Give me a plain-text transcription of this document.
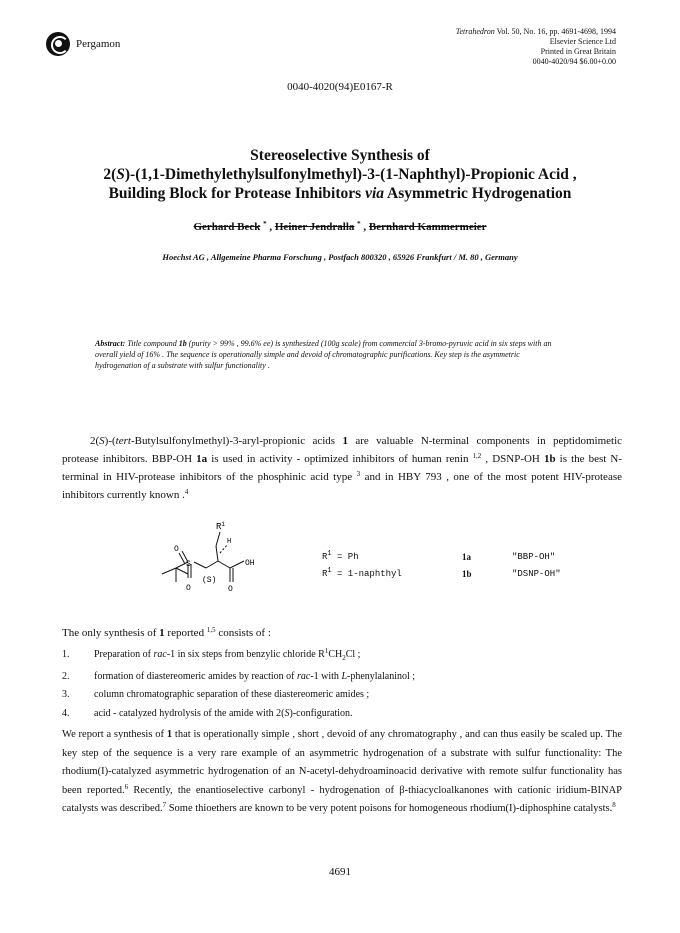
Pergamon
Tetrahedron Vol. 50, No. 16, pp. 4691-4698, 1994
Elsevier Science Ltd
Printed in Great Britain
0040-4020/94 $6.00+0.00
0040-4020(94)E0167-R
Stereoselective Synthesis of
2(S)-(1,1-Dimethylethylsulfonylmethyl)-3-(1-Naphthyl)-Propionic Acid ,
Building Block for Protease Inhibitors via Asymmetric Hydrogenation
Gerhard Beck * , Heiner Jendralla * , Bernhard Kammermeier
Hoechst AG , Allgemeine Pharma Forschung , Postfach 800320 , 65926 Frankfurt / M. 80 , Germany
Abstract: Title compound 1b (purity > 99% , 99.6% ee) is synthesized (100g scale) from commercial 3-bromo-pyruvic acid in six steps with an overall yield of 16% . The sequence is operationally simple and devoid of chromatographic purifications. Key step is the asymmetric hydrogenation of a substrate with sulfur functionality .
2(S)-(tert-Butylsulfonylmethyl)-3-aryl-propionic acids 1 are valuable N-terminal components in peptidomimetic protease inhibitors. BBP-OH 1a is used in activity - optimized inhibitors of human renin $^{1,2}$ , DSNP-OH 1b is the best N-terminal in HIV-protease inhibitors of the phosphinic acid type $^3$ and in HBY 793 , one of the most potent HIV-protease inhibitors currently known .$^4$
$R^1$
H
OH
S
O
O	O
(S)
$R^1 = Ph$	1a	"BBP-OH"
$R^1$ = 1-naphthyl	1b	"DSNP-OH"
The only synthesis of 1 reported $^{1,5}$ consists of :
1.	Preparation of rac-1 in six steps from benzylic chloride $R^1CH_2Cl$ ;
2.	formation of diastereomeric amides by reaction of rac-1 with L-phenylalaninol ;
3.	column chromatographic separation of these diastereomeric amides ;
4.	acid - catalyzed hydrolysis of the amide with 2(S)-configuration.
We report a synthesis of 1 that is operationally simple , short , devoid of any chromatography , and can thus easily be scaled up. The key step of the sequence is a very rare example of an asymmetric hydrogenation of a substrate with sulfur functionality: The rhodium(I)-catalyzed asymmetric hydrogenation of an N-acetyl-dehydroaminoacid derivative with remote sulfur functionality has been reported.$^6$ Recently, the enantioselective carbonyl - hydrogenation of β-thiacycloalkanones with cationic iridium-BINAP catalysts was described.$^7$ Some thioethers are known to be very potent poisons for homogeneous rhodium(I)-diphosphine catalysts.$^8$
4691
